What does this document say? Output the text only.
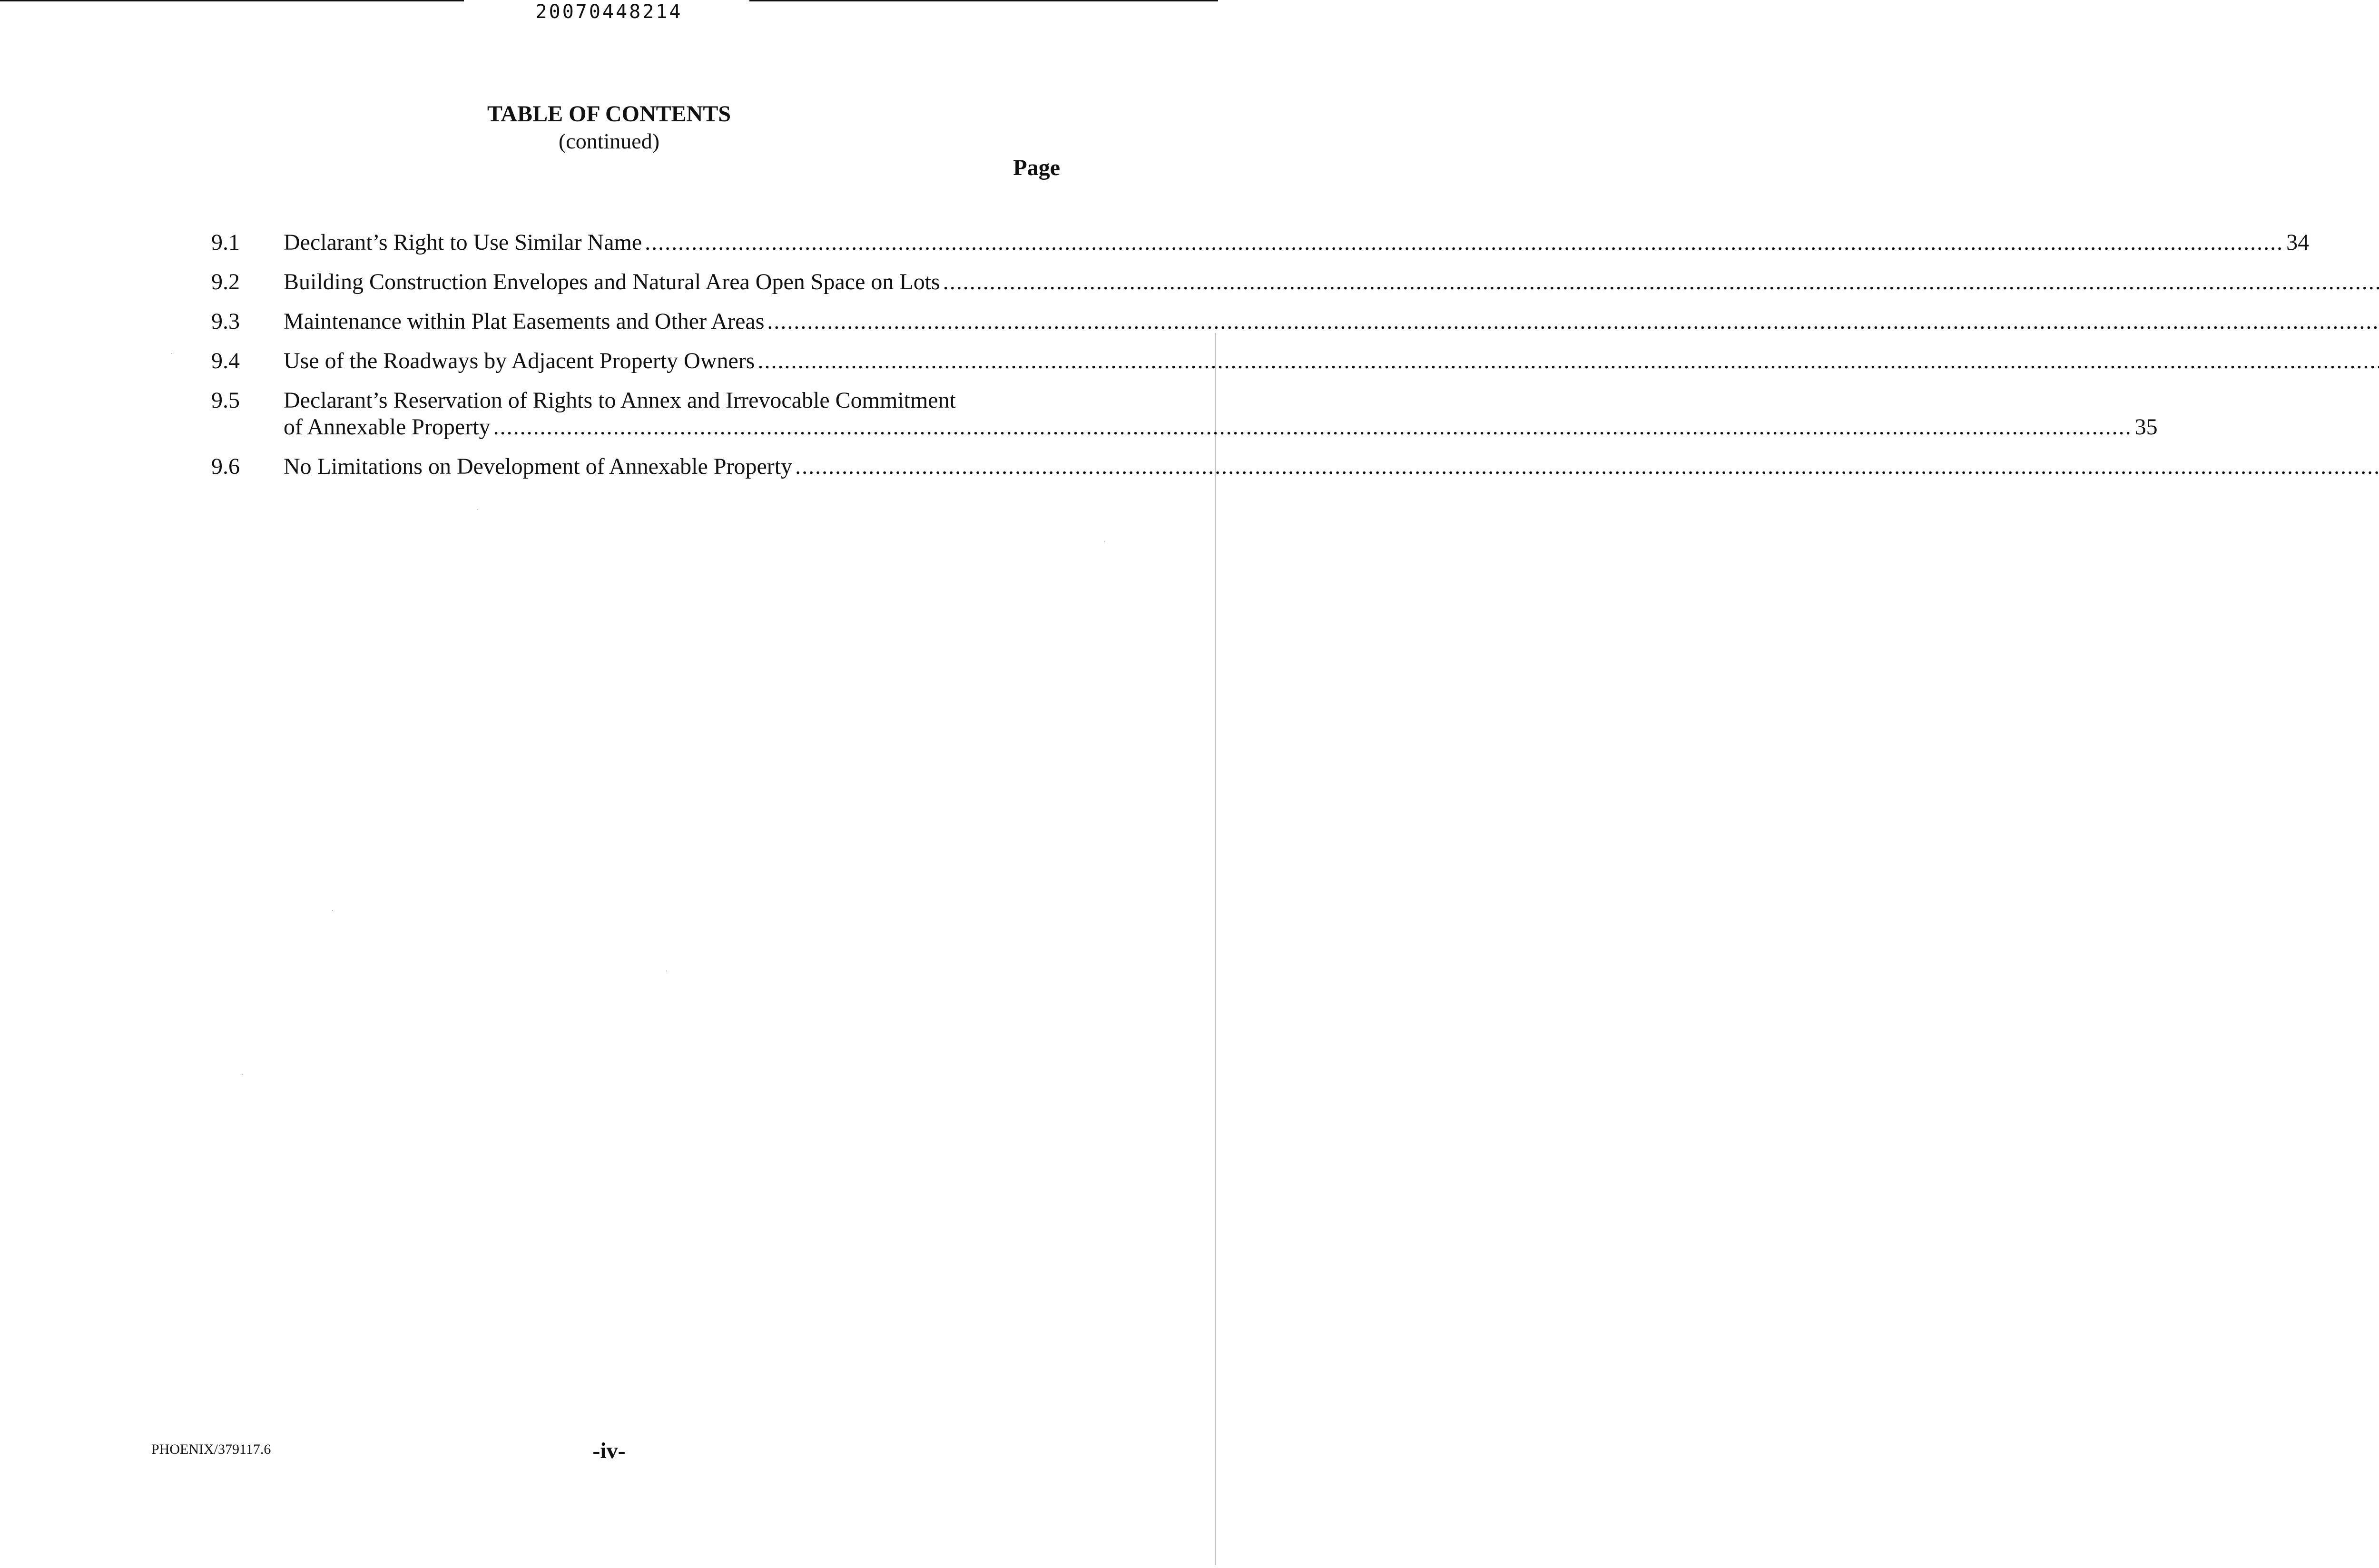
20070448214
TABLE OF CONTENTS
(continued)
Page
9.1	Declarant’s Right to Use Similar Name .....	34
9.2	Building Construction Envelopes and Natural Area Open Space on Lots
.....
9.3	Maintenance within Plat Easements and Other Areas
.....
9.4	Use of the Roadways by Adjacent Property Owners
.....
9.5	Declarant’s Reservation of Rights to Annex and Irrevocable Commitment
of Annexable Property .....	35
9.6	No Limitations on Development of Annexable Property
.....
PHOENIX/379117.6	-iv-
